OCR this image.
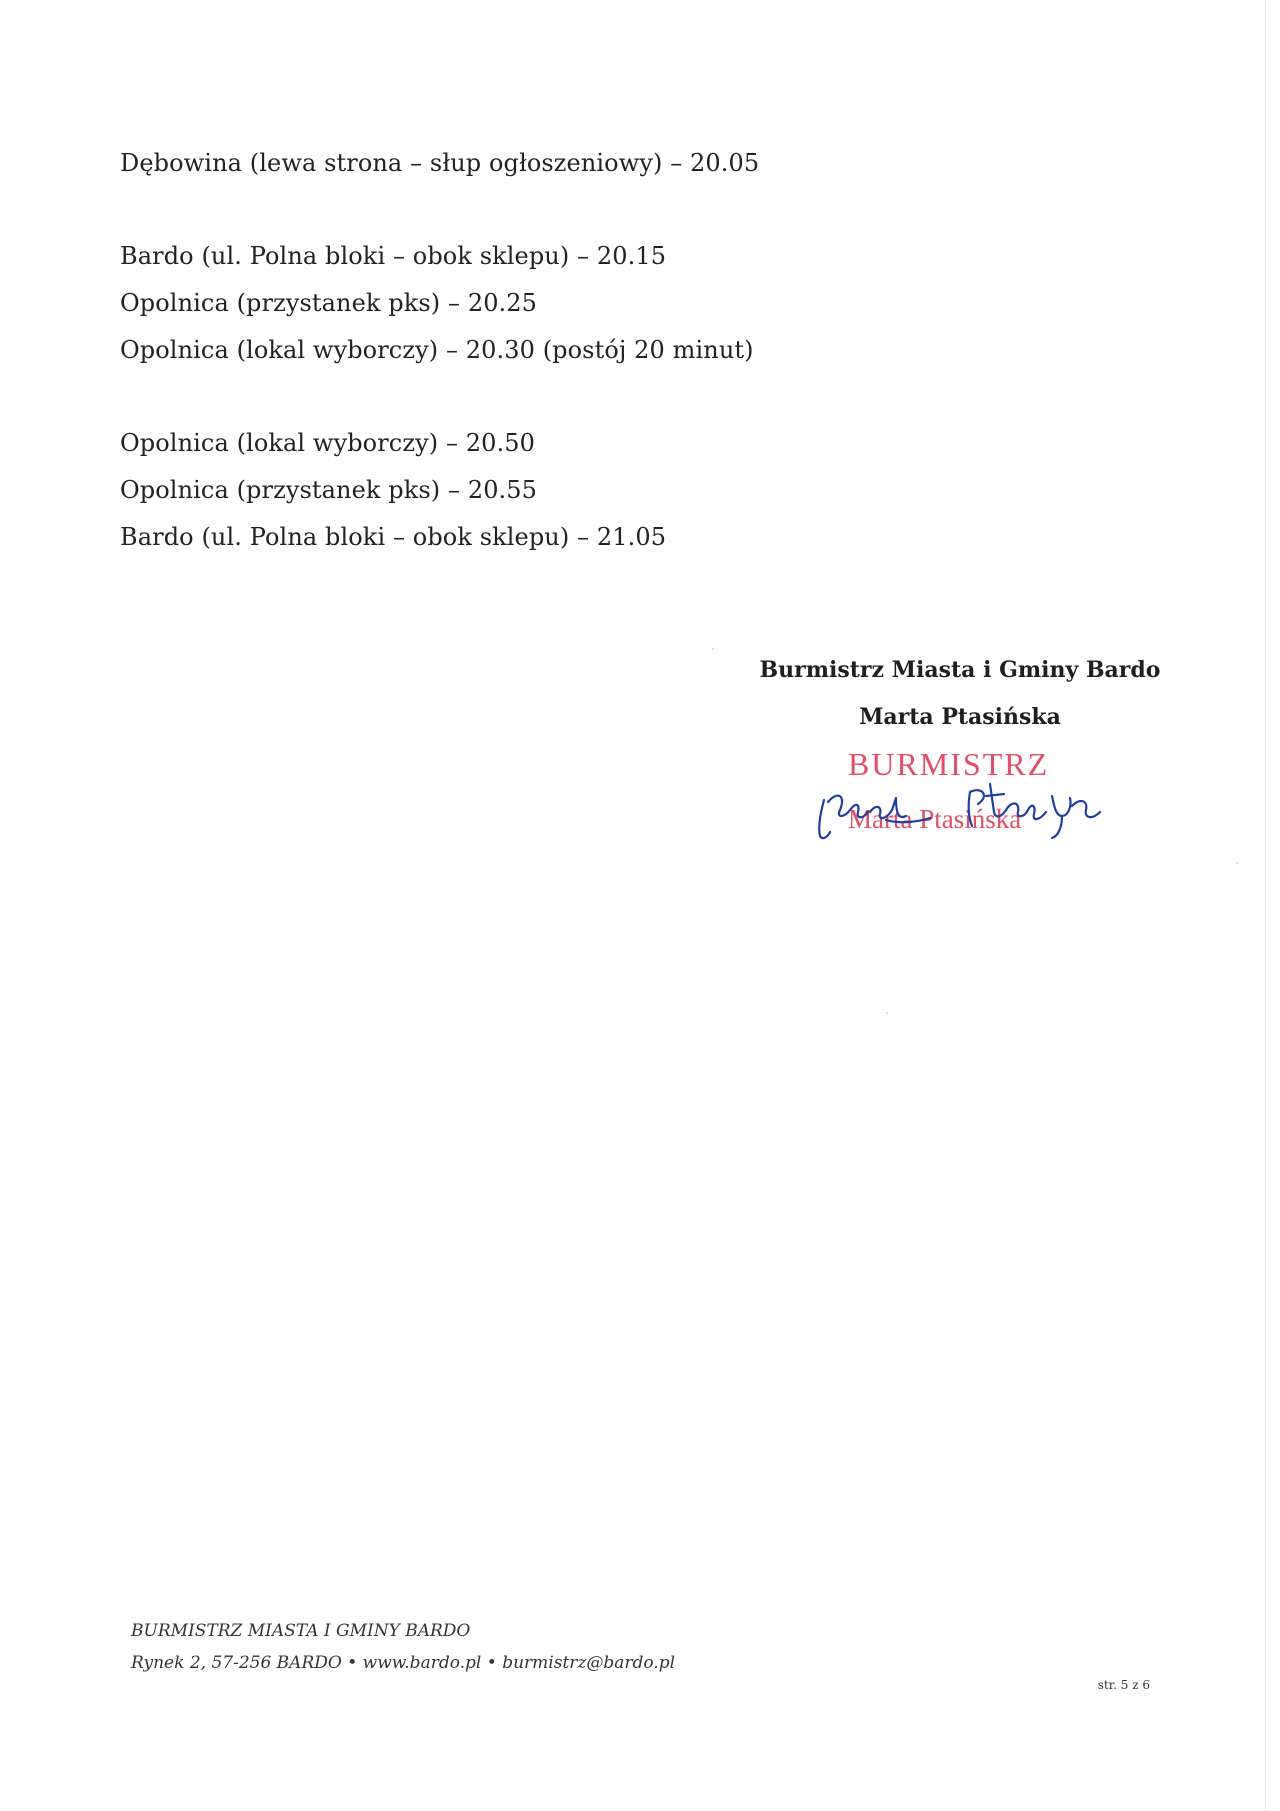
Dębowina (lewa strona – słup ogłoszeniowy) – 20.05
Bardo (ul. Polna bloki – obok sklepu) – 20.15
Opolnica (przystanek pks) – 20.25
Opolnica (lokal wyborczy) – 20.30 (postój 20 minut)
Opolnica (lokal wyborczy) – 20.50
Opolnica (przystanek pks) – 20.55
Bardo (ul. Polna bloki – obok sklepu) – 21.05
Burmistrz Miasta i Gminy Bardo
Marta Ptasińska
BURMISTRZ
Marta Ptasińska
BURMISTRZ MIASTA I GMINY BARDO
Rynek 2, 57-256 BARDO • www.bardo.pl • burmistrz@bardo.pl
str. 5 z 6
